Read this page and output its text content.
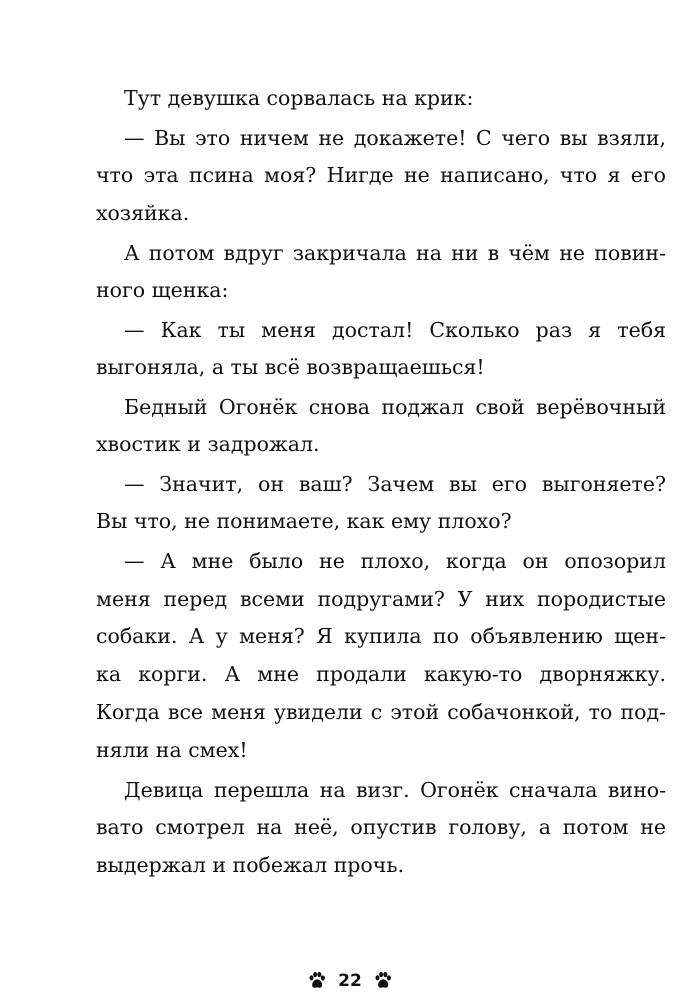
Тут девушка сорвалась на крик:
— Вы это ничем не докажете! С чего вы взяли,
что эта псина моя? Нигде не написано, что я его
хозяйка.
А потом вдруг закричала на ни в чём не повин-
ного щенка:
— Как ты меня достал! Сколько раз я тебя
выгоняла, а ты всё возвращаешься!
Бедный Огонёк снова поджал свой верёвочный
хвостик и задрожал.
— Значит, он ваш? Зачем вы его выгоняете?
Вы что, не понимаете, как ему плохо?
— А мне было не плохо, когда он опозорил
меня перед всеми подругами? У них породистые
собаки. А у меня? Я купила по объявлению щен-
ка корги. А мне продали какую-то дворняжку.
Когда все меня увидели с этой собачонкой, то под-
няли на смех!
Девица перешла на визг. Огонёк сначала вино-
вато смотрел на неё, опустив голову, а потом не
выдержал и побежал прочь.
22
